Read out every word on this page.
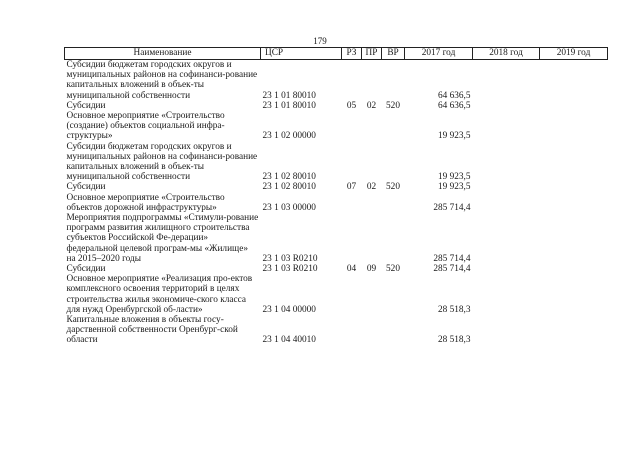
179
Наименование	ЦСР	РЗ	ПР	ВР	2017 год	2018 год	2019 год
Субсидии бюджетам городских округов и муниципальных районов на софинанси-рование капитальных вложений в объек-ты муниципальной собственности	23 1 01 80010				64 636,5		
Субсидии	23 1 01 80010	05	02	520	64 636,5		
Основное мероприятие «Строительство (создание) объектов социальной инфра-структуры»	23 1 02 00000				19 923,5		
Субсидии бюджетам городских округов и муниципальных районов на софинанси-рование капитальных вложений в объек-ты муниципальной собственности	23 1 02 80010				19 923,5		
Субсидии	23 1 02 80010	07	02	520	19 923,5		
Основное мероприятие «Строительство объектов дорожной инфраструктуры»	23 1 03 00000				285 714,4		
Мероприятия подпрограммы «Стимули-рование программ развития жилищного строительства субъектов Российской Фе-дерации» федеральной целевой програм-мы «Жилище» на 2015–2020 годы	23 1 03 R0210				285 714,4		
Субсидии	23 1 03 R0210	04	09	520	285 714,4		
Основное мероприятие «Реализация про-ектов комплексного освоения территорий в целях строительства жилья экономиче-ского класса для нужд Оренбургской об-ласти»	23 1 04 00000				28 518,3		
Капитальные вложения в объекты госу-дарственной собственности Оренбург-ской области	23 1 04 40010				28 518,3		
